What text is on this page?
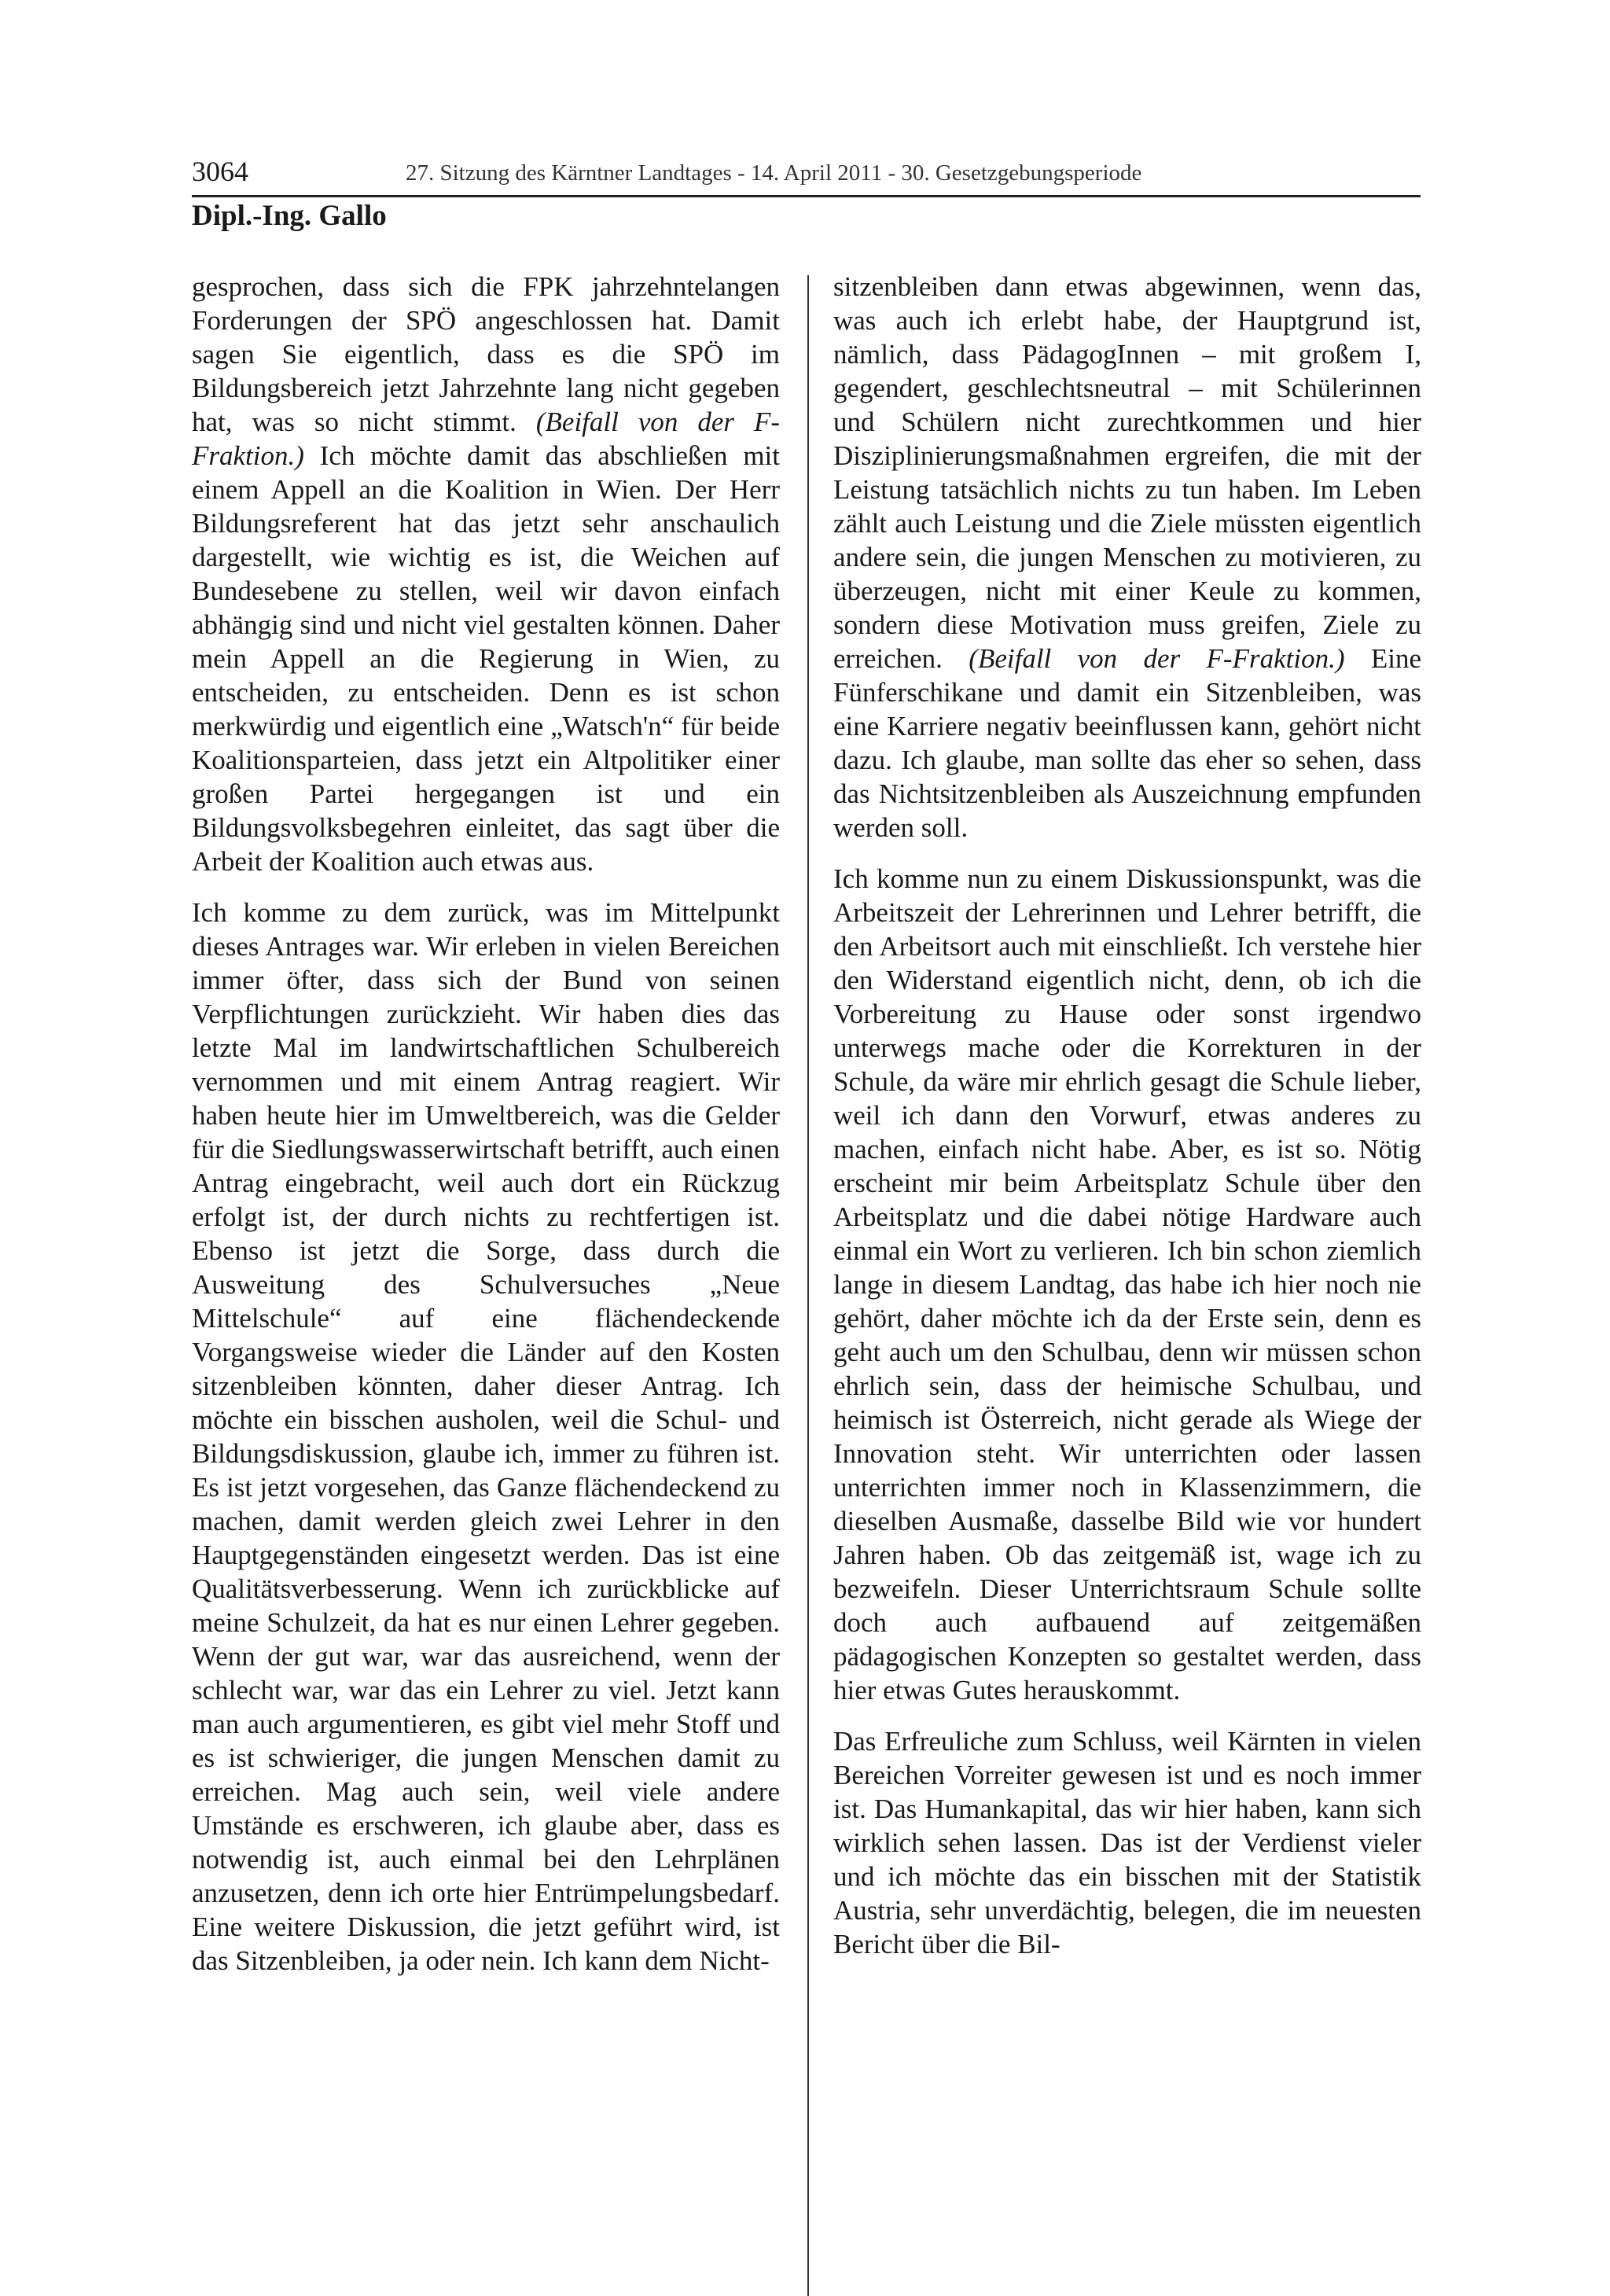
3064	27. Sitzung des Kärntner Landtages - 14. April 2011 - 30. Gesetzgebungsperiode
Dipl.-Ing. Gallo

gesprochen, dass sich die FPK jahrzehntelangen Forderungen der SPÖ angeschlossen hat. Damit sagen Sie eigentlich, dass es die SPÖ im Bildungsbereich jetzt Jahrzehnte lang nicht gegeben hat, was so nicht stimmt. (Beifall von der F-Fraktion.) Ich möchte damit das abschließen mit einem Appell an die Koalition in Wien. Der Herr Bildungsreferent hat das jetzt sehr anschaulich dargestellt, wie wichtig es ist, die Weichen auf Bundesebene zu stellen, weil wir davon einfach abhängig sind und nicht viel gestalten können. Daher mein Appell an die Regierung in Wien, zu entscheiden, zu entscheiden. Denn es ist schon merkwürdig und eigentlich eine „Watsch'n“ für beide Koalitionsparteien, dass jetzt ein Altpolitiker einer großen Partei hergegangen ist und ein Bildungsvolksbegehren einleitet, das sagt über die Arbeit der Koalition auch etwas aus.

Ich komme zu dem zurück, was im Mittelpunkt dieses Antrages war. Wir erleben in vielen Bereichen immer öfter, dass sich der Bund von seinen Verpflichtungen zurückzieht. Wir haben dies das letzte Mal im landwirtschaftlichen Schulbereich vernommen und mit einem Antrag reagiert. Wir haben heute hier im Umweltbereich, was die Gelder für die Siedlungswasserwirtschaft betrifft, auch einen Antrag eingebracht, weil auch dort ein Rückzug erfolgt ist, der durch nichts zu rechtfertigen ist. Ebenso ist jetzt die Sorge, dass durch die Ausweitung des Schulversuches „Neue Mittelschule“ auf eine flächendeckende Vorgangsweise wieder die Länder auf den Kosten sitzenbleiben könnten, daher dieser Antrag. Ich möchte ein bisschen ausholen, weil die Schul- und Bildungsdiskussion, glaube ich, immer zu führen ist. Es ist jetzt vorgesehen, das Ganze flächendeckend zu machen, damit werden gleich zwei Lehrer in den Hauptgegenständen eingesetzt werden. Das ist eine Qualitätsverbesserung. Wenn ich zurückblicke auf meine Schulzeit, da hat es nur einen Lehrer gegeben. Wenn der gut war, war das ausreichend, wenn der schlecht war, war das ein Lehrer zu viel. Jetzt kann man auch argumentieren, es gibt viel mehr Stoff und es ist schwieriger, die jungen Menschen damit zu erreichen. Mag auch sein, weil viele andere Umstände es erschweren, ich glaube aber, dass es notwendig ist, auch einmal bei den Lehrplänen anzusetzen, denn ich orte hier Entrümpelungsbedarf. Eine weitere Diskussion, die jetzt geführt wird, ist das Sitzenbleiben, ja oder nein. Ich kann dem Nicht-

sitzenbleiben dann etwas abgewinnen, wenn das, was auch ich erlebt habe, der Hauptgrund ist, nämlich, dass PädagogInnen – mit großem I, gegendert, geschlechtsneutral – mit Schülerinnen und Schülern nicht zurechtkommen und hier Disziplinierungsmaßnahmen ergreifen, die mit der Leistung tatsächlich nichts zu tun haben. Im Leben zählt auch Leistung und die Ziele müssten eigentlich andere sein, die jungen Menschen zu motivieren, zu überzeugen, nicht mit einer Keule zu kommen, sondern diese Motivation muss greifen, Ziele zu erreichen. (Beifall von der F-Fraktion.) Eine Fünferschikane und damit ein Sitzenbleiben, was eine Karriere negativ beeinflussen kann, gehört nicht dazu. Ich glaube, man sollte das eher so sehen, dass das Nichtsitzenbleiben als Auszeichnung empfunden werden soll.

Ich komme nun zu einem Diskussionspunkt, was die Arbeitszeit der Lehrerinnen und Lehrer betrifft, die den Arbeitsort auch mit einschließt. Ich verstehe hier den Widerstand eigentlich nicht, denn, ob ich die Vorbereitung zu Hause oder sonst irgendwo unterwegs mache oder die Korrekturen in der Schule, da wäre mir ehrlich gesagt die Schule lieber, weil ich dann den Vorwurf, etwas anderes zu machen, einfach nicht habe. Aber, es ist so. Nötig erscheint mir beim Arbeitsplatz Schule über den Arbeitsplatz und die dabei nötige Hardware auch einmal ein Wort zu verlieren. Ich bin schon ziemlich lange in diesem Landtag, das habe ich hier noch nie gehört, daher möchte ich da der Erste sein, denn es geht auch um den Schulbau, denn wir müssen schon ehrlich sein, dass der heimische Schulbau, und heimisch ist Österreich, nicht gerade als Wiege der Innovation steht. Wir unterrichten oder lassen unterrichten immer noch in Klassenzimmern, die dieselben Ausmaße, dasselbe Bild wie vor hundert Jahren haben. Ob das zeitgemäß ist, wage ich zu bezweifeln. Dieser Unterrichtsraum Schule sollte doch auch aufbauend auf zeitgemäßen pädagogischen Konzepten so gestaltet werden, dass hier etwas Gutes herauskommt.

Das Erfreuliche zum Schluss, weil Kärnten in vielen Bereichen Vorreiter gewesen ist und es noch immer ist. Das Humankapital, das wir hier haben, kann sich wirklich sehen lassen. Das ist der Verdienst vieler und ich möchte das ein bisschen mit der Statistik Austria, sehr unverdächtig, belegen, die im neuesten Bericht über die Bil-
